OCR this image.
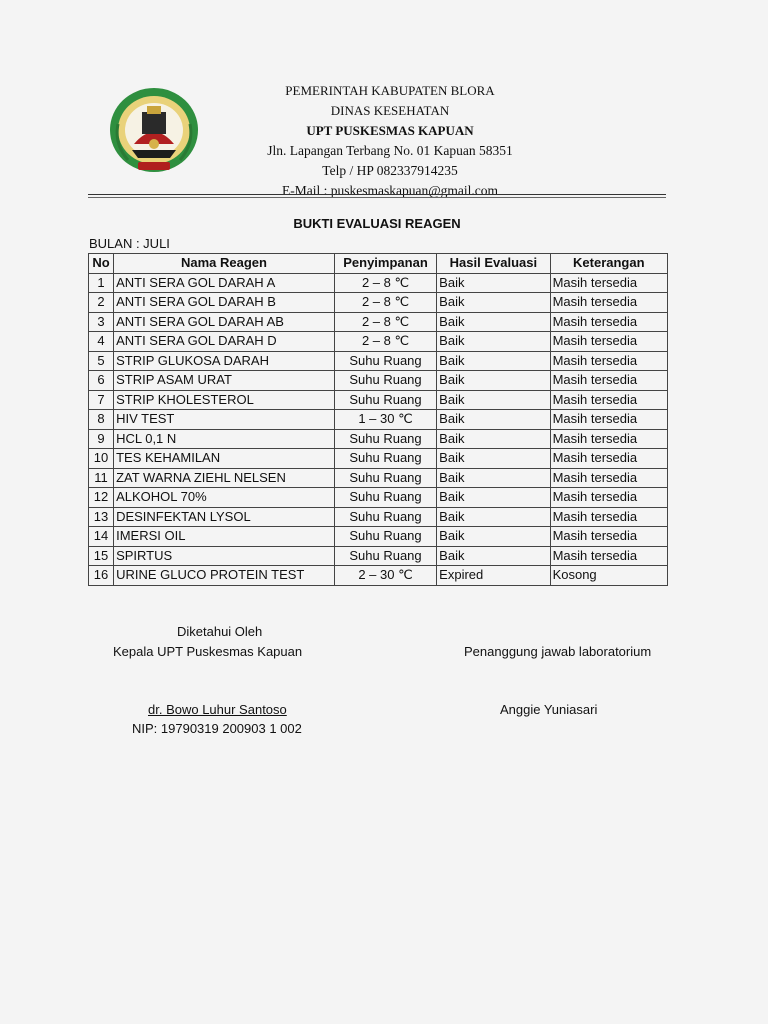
PEMERINTAH KABUPATEN BLORA
DINAS KESEHATAN
UPT PUSKESMAS KAPUAN
Jln. Lapangan Terbang No. 01 Kapuan 58351
Telp / HP 082337914235
E-Mail : puskesmaskapuan@gmail.com
BUKTI EVALUASI REAGEN
BULAN : JULI
No	Nama Reagen	Penyimpanan	Hasil Evaluasi	Keterangan
1	ANTI SERA GOL DARAH A	2 – 8 ℃	Baik	Masih tersedia
2	ANTI SERA GOL DARAH B	2 – 8 ℃	Baik	Masih tersedia
3	ANTI SERA GOL DARAH AB	2 – 8 ℃	Baik	Masih tersedia
4	ANTI SERA GOL DARAH D	2 – 8 ℃	Baik	Masih tersedia
5	STRIP GLUKOSA DARAH	Suhu Ruang	Baik	Masih tersedia
6	STRIP ASAM URAT	Suhu Ruang	Baik	Masih tersedia
7	STRIP KHOLESTEROL	Suhu Ruang	Baik	Masih tersedia
8	HIV TEST	1 – 30 ℃	Baik	Masih tersedia
9	HCL 0,1 N	Suhu Ruang	Baik	Masih tersedia
10	TES KEHAMILAN	Suhu Ruang	Baik	Masih tersedia
11	ZAT WARNA ZIEHL NELSEN	Suhu Ruang	Baik	Masih tersedia
12	ALKOHOL 70%	Suhu Ruang	Baik	Masih tersedia
13	DESINFEKTAN LYSOL	Suhu Ruang	Baik	Masih tersedia
14	IMERSI OIL	Suhu Ruang	Baik	Masih tersedia
15	SPIRTUS	Suhu Ruang	Baik	Masih tersedia
16	URINE GLUCO PROTEIN TEST	2 – 30 ℃	Expired	Kosong
Diketahui Oleh
Kepala UPT Puskesmas Kapuan
dr. Bowo Luhur Santoso
NIP: 19790319 200903 1 002
Penanggung jawab laboratorium
Anggie Yuniasari
